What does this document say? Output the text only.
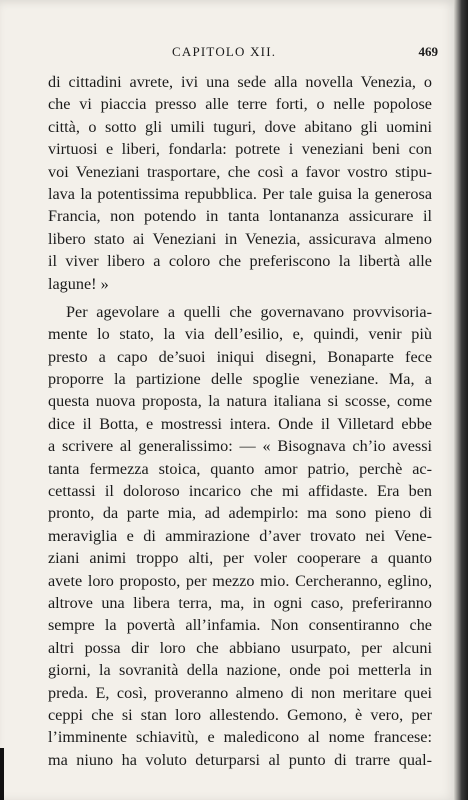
CAPITOLO XII.	469
di cittadini avrete, ivi una sede alla novella Venezia, o
che vi piaccia presso alle terre forti, o nelle popolose
città, o sotto gli umili tuguri, dove abitano gli uomini
virtuosi e liberi, fondarla: potrete i veneziani beni con
voi Veneziani trasportare, che così a favor vostro stipu-
lava la potentissima repubblica. Per tale guisa la generosa
Francia, non potendo in tanta lontananza assicurare il
libero stato ai Veneziani in Venezia, assicurava almeno
il viver libero a coloro che preferiscono la libertà alle
lagune! »
Per agevolare a quelli che governavano provvisoria-
mente lo stato, la via dell’esilio, e, quindi, venir più
presto a capo de’suoi iniqui disegni, Bonaparte fece
proporre la partizione delle spoglie veneziane. Ma, a
questa nuova proposta, la natura italiana si scosse, come
dice il Botta, e mostressi intera. Onde il Villetard ebbe
a scrivere al generalissimo: — « Bisognava ch’io avessi
tanta fermezza stoica, quanto amor patrio, perchè ac-
cettassi il doloroso incarico che mi affidaste. Era ben
pronto, da parte mia, ad adempirlo: ma sono pieno di
meraviglia e di ammirazione d’aver trovato nei Vene-
ziani animi troppo alti, per voler cooperare a quanto
avete loro proposto, per mezzo mio. Cercheranno, eglino,
altrove una libera terra, ma, in ogni caso, preferiranno
sempre la povertà all’infamia. Non consentiranno che
altri possa dir loro che abbiano usurpato, per alcuni
giorni, la sovranità della nazione, onde poi metterla in
preda. E, così, proveranno almeno di non meritare quei
ceppi che si stan loro allestendo. Gemono, è vero, per
l’imminente schiavitù, e maledicono al nome francese:
ma niuno ha voluto deturparsi al punto di trarre qual-
